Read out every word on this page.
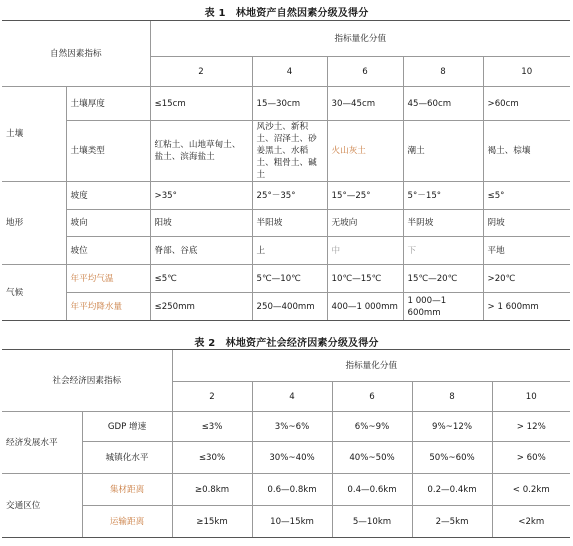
表 1　林地资产自然因素分级及得分
自然因素指标		指标量化分值				
		2	4	6	8	10
土壤	土壤厚度	≤15cm	15—30cm	30—45cm	45—60cm	>60cm
	土壤类型	红粘土、山地草甸土、盐土、滨海盐土	风沙土、新积土、沼泽土、砂姜黑土、水稻土、粗骨土、碱土	火山灰土	潮土	褐土、棕壤
地形	坡度	>35°	25°－35°	15°—25°	5°－15°	≤5°
	坡向	阳坡	半阳坡	无坡向	半阴坡	阴坡
	坡位	脊部、谷底	上	中	下	平地
气候	年平均气温	≤5℃	5℃—10℃	10℃—15℃	15℃—20℃	>20℃
	年平均降水量	≤250mm	250—400mm	400—1 000mm	1 000—1 600mm	> 1 600mm
表 2　林地资产社会经济因素分级及得分
社会经济因素指标		指标量化分值				
		2	4	6	8	10
经济发展水平	GDP 增速	≤3%	3%~6%	6%~9%	9%~12%	> 12%
	城镇化水平	≤30%	30%~40%	40%~50%	50%~60%	> 60%
交通区位	集材距离	≥0.8km	0.6—0.8km	0.4—0.6km	0.2—0.4km	< 0.2km
	运输距离	≥15km	10—15km	5—10km	2—5km	<2km
